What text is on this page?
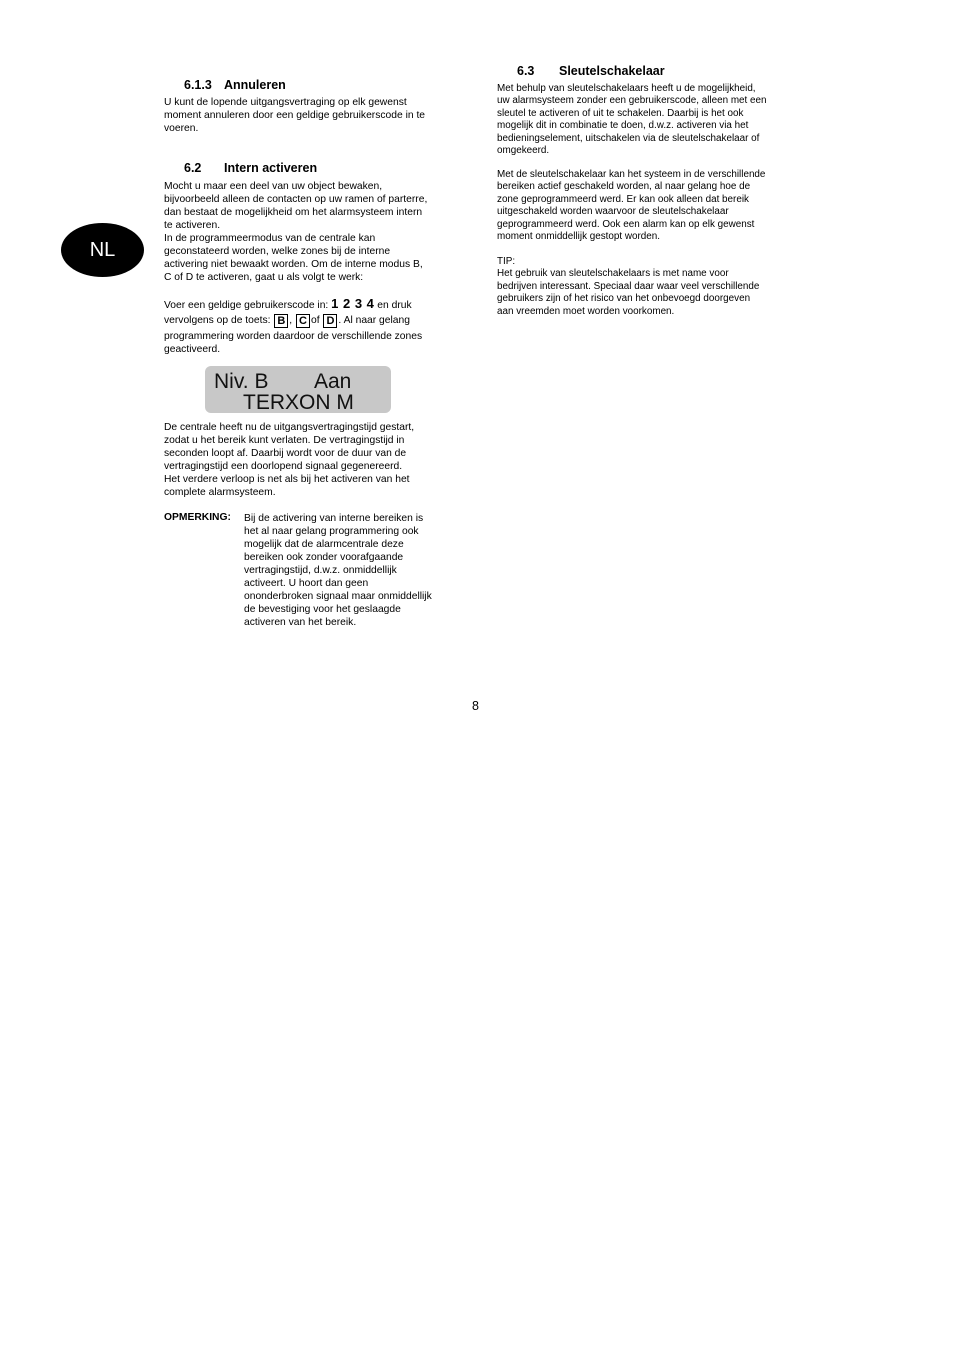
NL
6.1.3 Annuleren
U kunt de lopende uitgangsvertraging op elk gewenst
moment annuleren door een geldige gebruikerscode in te
voeren.
6.2 Intern activeren
Mocht u maar een deel van uw object bewaken,
bijvoorbeeld alleen de contacten op uw ramen of parterre,
dan bestaat de mogelijkheid om het alarmsysteem intern
te activeren.
In de programmeermodus van de centrale kan
geconstateerd worden, welke zones bij de interne
activering niet bewaakt worden. Om de interne modus B,
C of D te activeren, gaat u als volgt te werk:
Voer een geldige gebruikerscode in: 1 2 3 4 en druk
vervolgens op de toets: B , C of D . Al naar gelang
programmering worden daardoor de verschillende zones
geactiveerd.
Niv. B        Aan
TERXON M
De centrale heeft nu de uitgangsvertragingstijd gestart,
zodat u het bereik kunt verlaten. De vertragingstijd in
seconden loopt af. Daarbij wordt voor de duur van de
vertragingstijd een doorlopend signaal gegenereerd.
Het verdere verloop is net als bij het activeren van het
complete alarmsysteem.
OPMERKING: Bij de activering van interne bereiken is
het al naar gelang programmering ook
mogelijk dat de alarmcentrale deze
bereiken ook zonder voorafgaande
vertragingstijd, d.w.z. onmiddellijk
activeert. U hoort dan geen
ononderbroken signaal maar onmiddellijk
de bevestiging voor het geslaagde
activeren van het bereik.
6.3 Sleutelschakelaar
Met behulp van sleutelschakelaars heeft u de mogelijkheid,
uw alarmsysteem zonder een gebruikerscode, alleen met een
sleutel te activeren of uit te schakelen. Daarbij is het ook
mogelijk dit in combinatie te doen, d.w.z. activeren via het
bedieningselement, uitschakelen via de sleutelschakelaar of
omgekeerd.
Met de sleutelschakelaar kan het systeem in de verschillende
bereiken actief geschakeld worden, al naar gelang hoe de
zone geprogrammeerd werd. Er kan ook alleen dat bereik
uitgeschakeld worden waarvoor de sleutelschakelaar
geprogrammeerd werd. Ook een alarm kan op elk gewenst
moment onmiddellijk gestopt worden.
TIP:
Het gebruik van sleutelschakelaars is met name voor
bedrijven interessant. Speciaal daar waar veel verschillende
gebruikers zijn of het risico van het onbevoegd doorgeven
aan vreemden moet worden voorkomen.
8
